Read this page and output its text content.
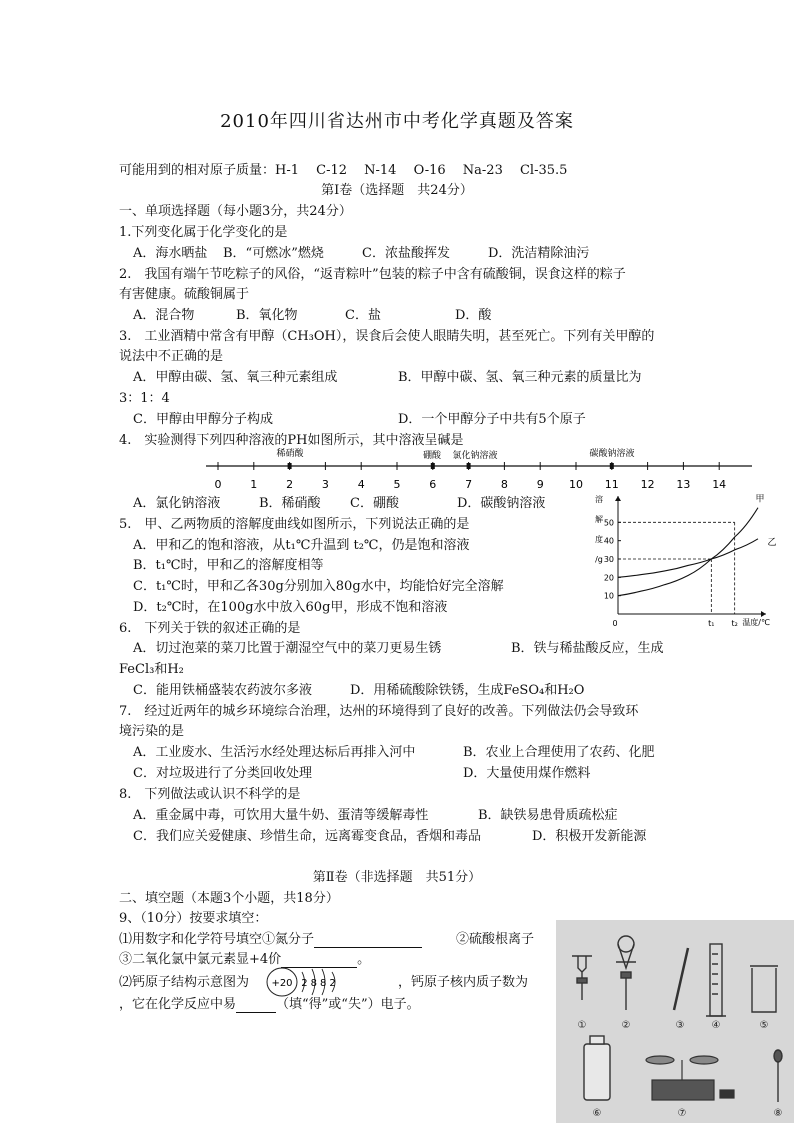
2010年四川省达州市中考化学真题及答案
可能用到的相对原子质量：H-1　 C-12　 N-14　 O-16　 Na-23　 Cl-35.5
第Ⅰ卷（选择题　共24分）
一、单项选择题（每小题3分，共24分）
1.下列变化属于化学变化的是
A．海水晒盐 B．“可燃冰”燃烧	C．浓盐酸挥发	D．洗洁精除油污
2.　我国有端午节吃粽子的风俗，“返青粽叶”包装的粽子中含有硫酸铜，误食这样的粽子
有害健康。硫酸铜属于
A．混合物	B．氧化物	C．盐	D．酸
3.　工业酒精中常含有甲醇（CH₃OH），误食后会使人眼睛失明，甚至死亡。下列有关甲醇的
说法中不正确的是
A．甲醇由碳、氢、氧三种元素组成	B．甲醇中碳、氢、氧三种元素的质量比为
3：1：4
C．甲醇由甲醇分子构成	D．一个甲醇分子中共有5个原子
4.　实验测得下列四种溶液的PH如图所示，其中溶液呈碱是
0	1	2	3	4	5	6	7	8	9 10 11 12 13 14
稀硝酸	硼酸 氯化钠溶液	碳酸钠溶液
A．氯化钠溶液	B．稀硝酸 C．硼酸	D．碳酸钠溶液
5.　甲、乙两物质的溶解度曲线如图所示，下列说法正确的是
A．甲和乙的饱和溶液，从t₁℃升温到 t₂℃，仍是饱和溶液
B．t₁℃时，甲和乙的溶解度相等
C．t₁℃时，甲和乙各30g分别加入80g水中，均能恰好完全溶解
D．t₂℃时，在100g水中放入60g甲，形成不饱和溶液
10
20
30
40
50
0
溶
解
度
/g
温度/℃
t₁ t₂
甲
乙
6.　下列关于铁的叙述正确的是
A．切过泡菜的菜刀比置于潮湿空气中的菜刀更易生锈	B．铁与稀盐酸反应，生成
FeCl₃和H₂
C．能用铁桶盛装农药波尔多液	D．用稀硫酸除铁锈，生成FeSO₄和H₂O
7.　经过近两年的城乡环境综合治理，达州的环境得到了良好的改善。下列做法仍会导致环
境污染的是
A．工业废水、生活污水经处理达标后再排入河中	B．农业上合理使用了农药、化肥
C．对垃圾进行了分类回收处理	D．大量使用煤作燃料
8.　下列做法或认识不科学的是
A．重金属中毒，可饮用大量牛奶、蛋清等缓解毒性	B．缺铁易患骨质疏松症
C．我们应关爱健康、珍惜生命，远离霉变食品，香烟和毒品	D．积极开发新能源
第Ⅱ卷（非选择题　共51分）
二、填空题（本题3个小题，共18分）
9、（10分）按要求填空：
⑴用数字和化学符号填空①氮分子	②硫酸根离子
③二氧化氯中氯元素显+4价	。
⑵钙原子结构示意图为 +20 2882	，钙原子核内质子数为
，它在化学反应中易	（填“得”或“失”）电子。
①	②	③	④	⑤
⑥	⑦	⑧
